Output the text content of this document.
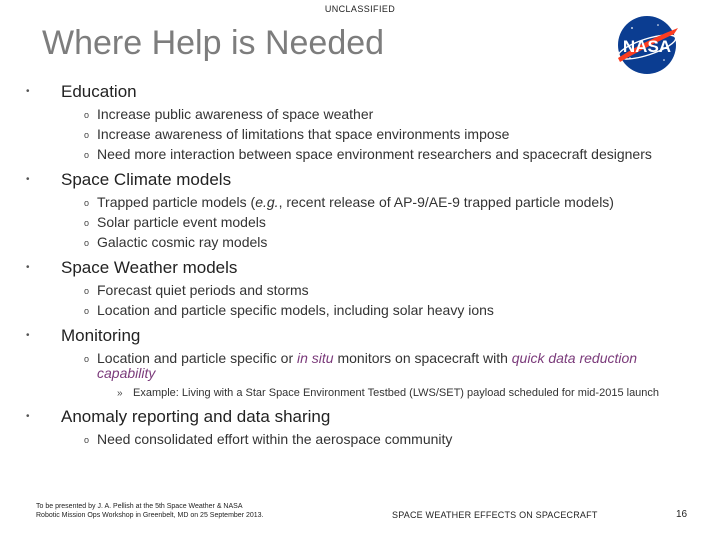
UNCLASSIFIED
Where Help is Needed	NASA
• Education
o Increase public awareness of space weather
o Increase awareness of limitations that space environments impose
o Need more interaction between space environment researchers and spacecraft designers
• Space Climate models
o Trapped particle models (e.g., recent release of AP-9/AE-9 trapped particle models)
o Solar particle event models
o Galactic cosmic ray models
• Space Weather models
o Forecast quiet periods and storms
o Location and particle specific models, including solar heavy ions
• Monitoring
o Location and particle specific or in situ monitors on spacecraft with quick data reduction capability
» Example: Living with a Star Space Environment Testbed (LWS/SET) payload scheduled for mid-2015 launch
• Anomaly reporting and data sharing
o Need consolidated effort within the aerospace community
To be presented by J. A. Pellish at the 5th Space Weather & NASA
Robotic Mission Ops Workshop in Greenbelt, MD on 25 September 2013.	SPACE WEATHER EFFECTS ON SPACECRAFT	16
